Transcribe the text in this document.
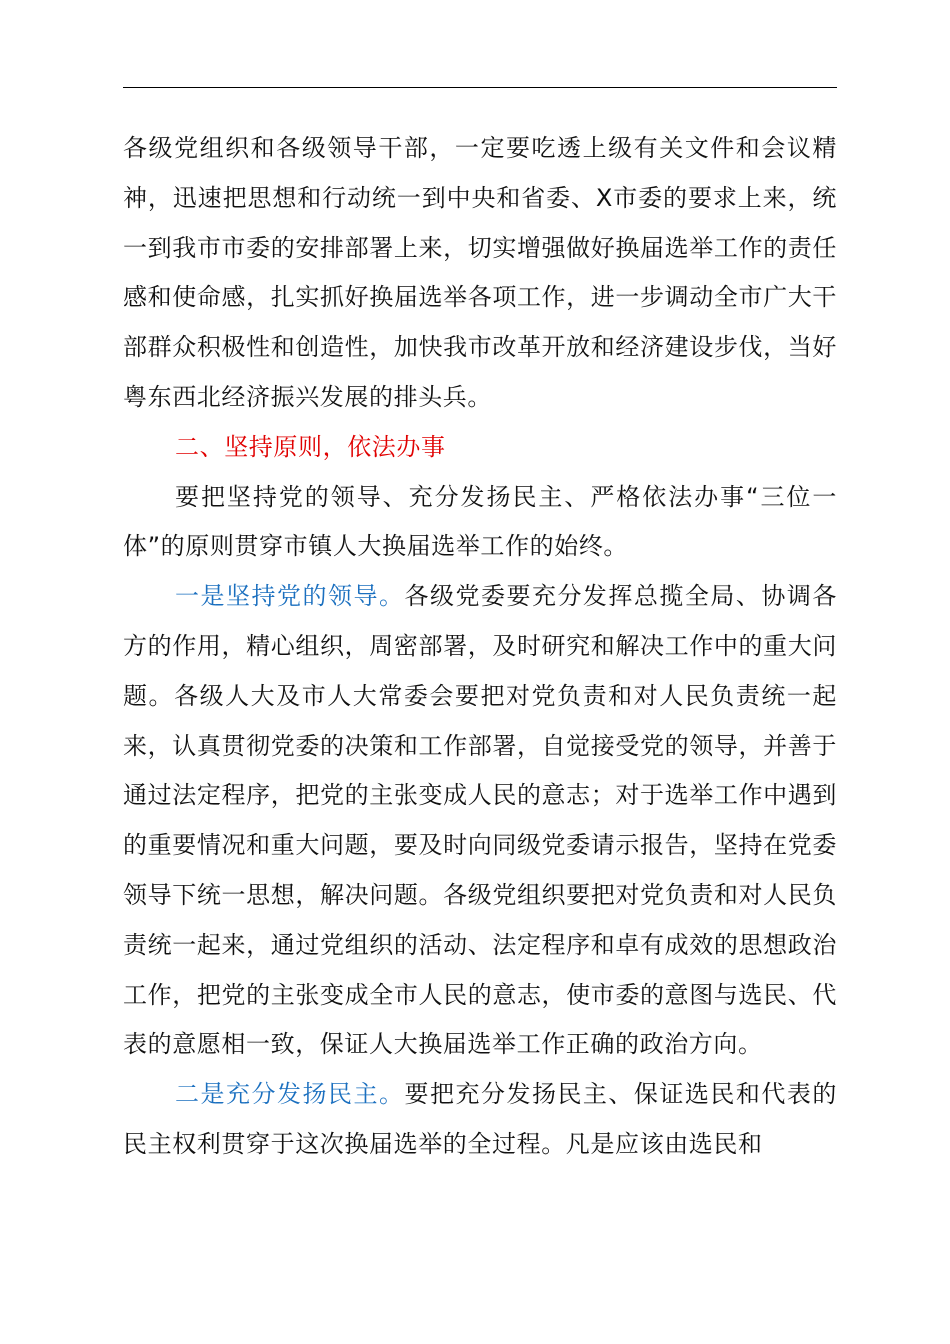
各级党组织和各级领导干部，一定要吃透上级有关文件和会议精神，迅速把思想和行动统一到中央和省委、X市委的要求上来，统一到我市市委的安排部署上来，切实增强做好换届选举工作的责任感和使命感，扎实抓好换届选举各项工作，进一步调动全市广大干部群众积极性和创造性，加快我市改革开放和经济建设步伐，当好粤东西北经济振兴发展的排头兵。

二、坚持原则，依法办事

要把坚持党的领导、充分发扬民主、严格依法办事“三位一体”的原则贯穿市镇人大换届选举工作的始终。

一是坚持党的领导。各级党委要充分发挥总揽全局、协调各方的作用，精心组织，周密部署，及时研究和解决工作中的重大问题。各级人大及市人大常委会要把对党负责和对人民负责统一起来，认真贯彻党委的决策和工作部署，自觉接受党的领导，并善于通过法定程序，把党的主张变成人民的意志；对于选举工作中遇到的重要情况和重大问题，要及时向同级党委请示报告，坚持在党委领导下统一思想，解决问题。各级党组织要把对党负责和对人民负责统一起来，通过党组织的活动、法定程序和卓有成效的思想政治工作，把党的主张变成全市人民的意志，使市委的意图与选民、代表的意愿相一致，保证人大换届选举工作正确的政治方向。

二是充分发扬民主。要把充分发扬民主、保证选民和代表的民主权利贯穿于这次换届选举的全过程。凡是应该由选民和
